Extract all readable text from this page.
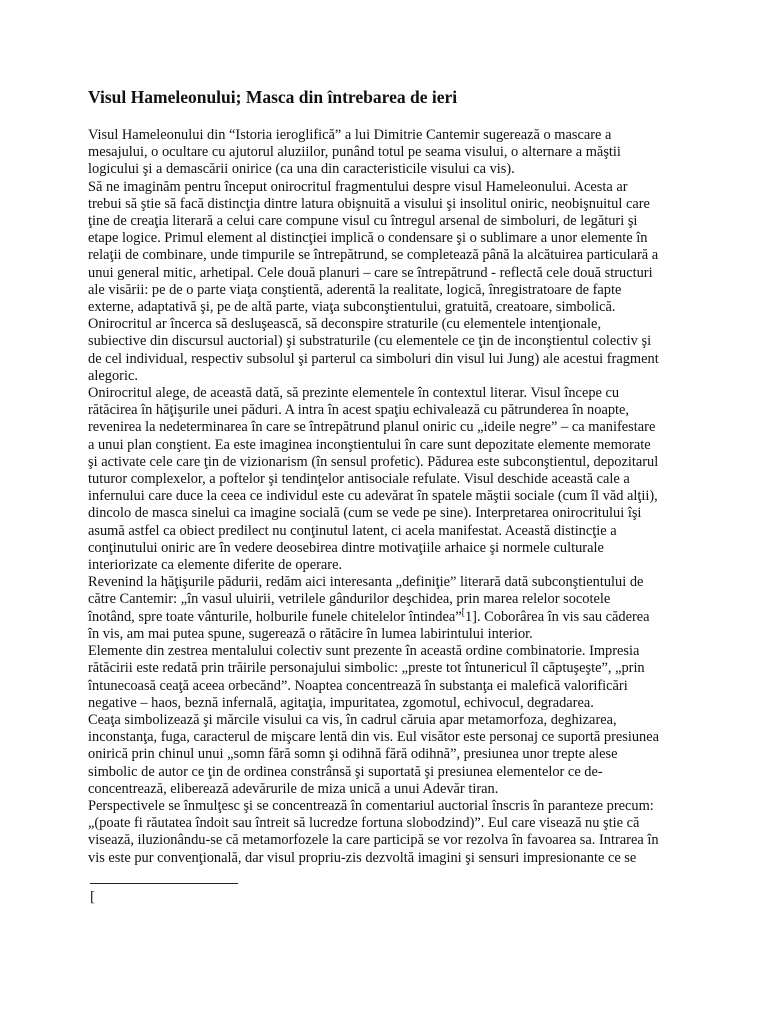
Visul Hameleonului; Masca din întrebarea de ieri

Visul Hameleonului din “Istoria ieroglifică” a lui Dimitrie Cantemir sugerează o mascare a
mesajului, o ocultare cu ajutorul aluziilor, punând totul pe seama visului, o alternare a măştii
logicului şi a demascării onirice (ca una din caracteristicile visului ca vis).

Să ne imaginăm pentru început onirocritul fragmentului despre visul Hameleonului. Acesta ar
trebui să ştie să facă distincţia dintre latura obişnuită a visului şi insolitul oniric, neobişnuitul care
ţine de creaţia literară a celui care compune visul cu întregul arsenal de simboluri, de legături şi
etape logice. Primul element al distincţiei implică o condensare şi o sublimare a unor elemente în
relaţii de combinare, unde timpurile se întrepătrund, se completează până la alcătuirea particulară a
unui general mitic, arhetipal. Cele două planuri – care se întrepătrund - reflectă cele două structuri
ale visării: pe de o parte viaţa conştientă, aderentă la realitate, logică, înregistratoare de fapte
externe, adaptativă şi, pe de altă parte, viaţa subconştientului, gratuită, creatoare, simbolică.

Onirocritul ar încerca să desluşească, să deconspire straturile (cu elementele intenţionale,
subiective din discursul auctorial) şi substraturile (cu elementele ce ţin de inconştientul colectiv şi
de cel individual, respectiv subsolul şi parterul ca simboluri din visul lui Jung) ale acestui fragment
alegoric.

Onirocritul alege, de această dată, să prezinte elementele în contextul literar. Visul începe cu
rătăcirea în hăţişurile unei păduri. A intra în acest spaţiu echivalează cu pătrunderea în noapte,
revenirea la nedeterminarea în care se întrepătrund planul oniric cu „ideile negre” – ca manifestare
a unui plan conştient. Ea este imaginea inconştientului în care sunt depozitate elemente memorate
şi activate cele care ţin de vizionarism (în sensul profetic). Pădurea este subconştientul, depozitarul
tuturor complexelor, a poftelor şi tendinţelor antisociale refulate. Visul deschide această cale a
infernului care duce la ceea ce individul este cu adevărat în spatele măştii sociale (cum îl văd alţii),
dincolo de masca sinelui ca imagine socială (cum se vede pe sine). Interpretarea onirocritului îşi
asumă astfel ca obiect predilect nu conţinutul latent, ci acela manifestat. Această distincţie a
conţinutului oniric are în vedere deosebirea dintre motivaţiile arhaice şi normele culturale
interiorizate ca elemente diferite de operare.

Revenind la hăţişurile pădurii, redăm aici interesanta „definiţie” literară dată subconştientului de
către Cantemir: „în vasul uluirii, vetrilele gândurilor deşchidea, prin marea relelor socotele
înotând, spre toate vânturile, holburile funele chitelelor întindea”[1]. Coborârea în vis sau căderea
în vis, am mai putea spune, sugerează o rătăcire în lumea labirintului interior.

Elemente din zestrea mentalului colectiv sunt prezente în această ordine combinatorie. Impresia
rătăcirii este redată prin trăirile personajului simbolic: „preste tot întunericul îl căptuşeşte”, „prin
întunecoasă ceaţă aceea orbecănd”. Noaptea concentrează în substanţa ei malefică valorificări
negative – haos, beznă infernală, agitaţia, impuritatea, zgomotul, echivocul, degradarea.

Ceaţa simbolizează şi mărcile visului ca vis, în cadrul căruia apar metamorfoza, deghizarea,
inconstanţa, fuga, caracterul de mişcare lentă din vis. Eul visător este personaj ce suportă presiunea
onirică prin chinul unui „somn fără somn şi odihnă fără odihnă”, presiunea unor trepte alese
simbolic de autor ce ţin de ordinea constrânsă şi suportată şi presiunea elementelor ce de-
concentrează, eliberează adevărurile de miza unică a unui Adevăr tiran.

Perspectivele se înmulţesc şi se concentrează în comentariul auctorial înscris în paranteze precum:
„(poate fi răutatea îndoit sau întreit să lucredze fortuna slobodzind)”. Eul care visează nu ştie că
visează, iluzionându-se că metamorfozele la care participă se vor rezolva în favoarea sa. Intrarea în
vis este pur convenţională, dar visul propriu-zis dezvoltă imagini şi sensuri impresionante ce se

[
